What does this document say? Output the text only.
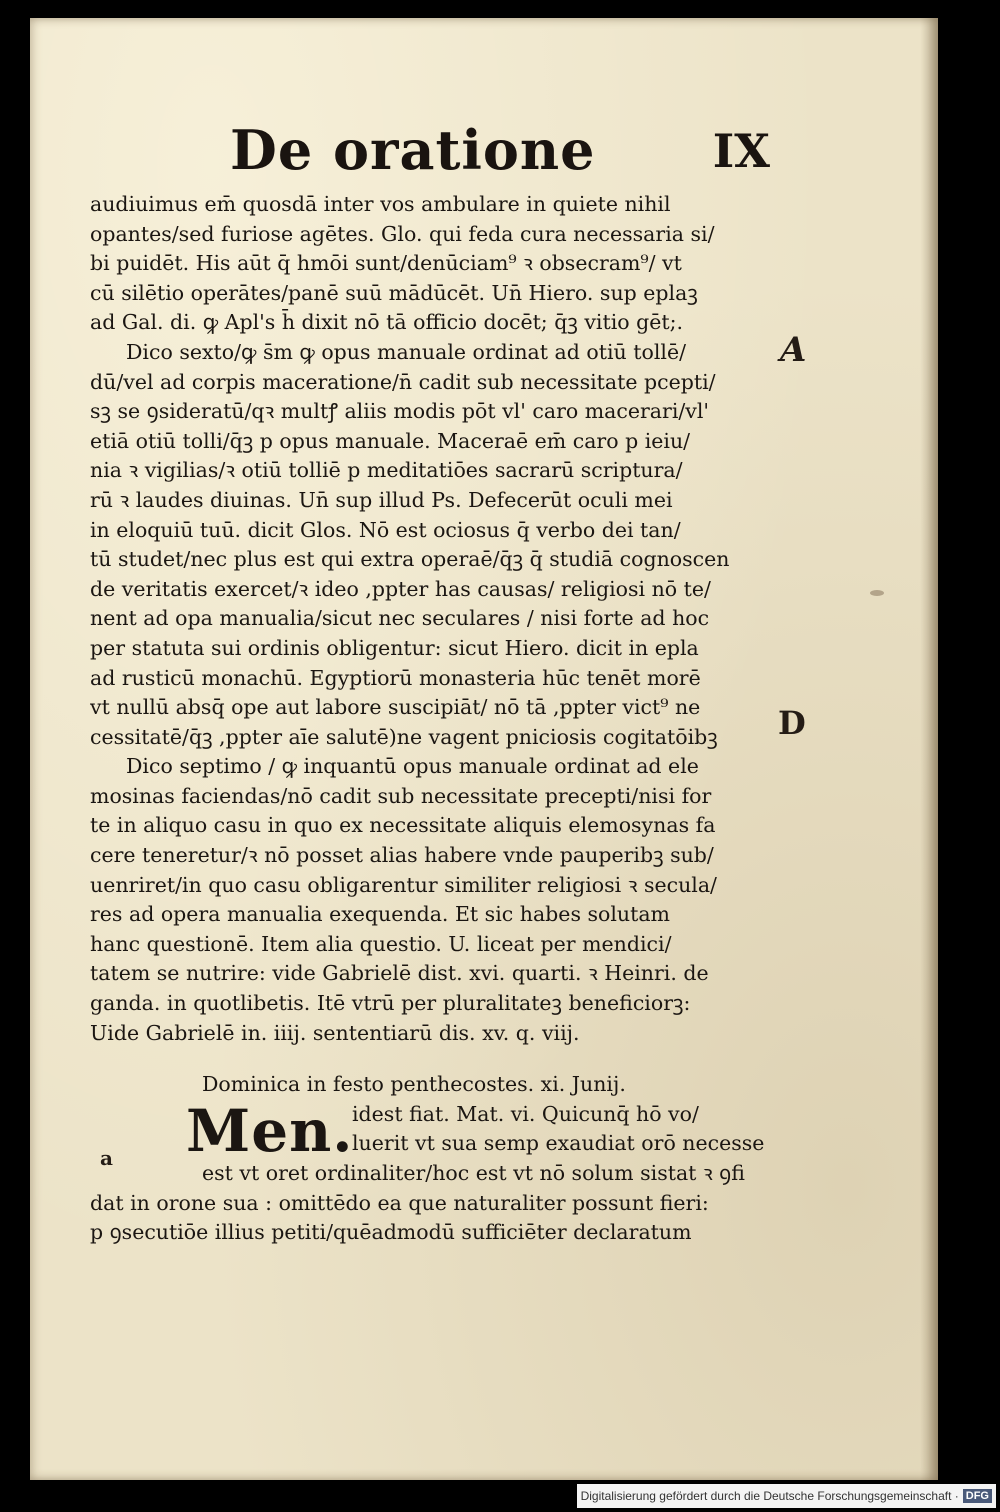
De oratione	IX
audiuimus em̄ quosdā inter vos ambulare in quiete nihil
opantes/sed furiose agētes. Glo. qui feda cura necessaria si/
bi puidēt. His aūt q̄ hmōi sunt/denūciam⁹ ꝛ obsecram⁹/ vt
cū silētio operātes/panē suū mādūcēt. Un̄ Hiero. sup eplaꝫ
ad Gal. di. ꝙ Apl's h̄ dixit nō tā officio docēt; q̄ꝫ vitio gēt;.
Dico sexto/ꝙ s̄m ꝙ opus manuale ordinat ad otiū tollē/
dū/vel ad corpis maceratione/n̄ cadit sub necessitate pcepti/
sꝫ se ꝯsideratū/qꝛ multꝭ aliis modis pōt vl' caro macerari/vl'
etiā otiū tolli/q̄ꝫ p opus manuale. Maceraē em̄ caro p ieiu/
nia ꝛ vigilias/ꝛ otiū tolliē p meditatiōes sacrarū scriptura/
rū ꝛ laudes diuinas. Un̄ sup illud Ps. Defecerūt oculi mei
in eloquiū tuū. dicit Glos. Nō est ociosus q̄ verbo dei tan/
tū studet/nec plus est qui extra operaē/q̄ꝫ q̄ studiā cognoscen
de veritatis exercet/ꝛ ideo ,ppter has causas/ religiosi nō te/
nent ad opa manualia/sicut nec seculares / nisi forte ad hoc
per statuta sui ordinis obligentur: sicut Hiero. dicit in epla
ad rusticū monachū. Egyptiorū monasteria hūc tenēt morē
vt nullū absq̄ ope aut labore suscipiāt/ nō tā ,ppter vict⁹ ne
cessitatē/q̄ꝫ ,ppter aīe salutē)ne vagent pniciosis cogitatōibꝫ
Dico septimo / ꝙ inquantū opus manuale ordinat ad ele
mosinas faciendas/nō cadit sub necessitate precepti/nisi for
te in aliquo casu in quo ex necessitate aliquis elemosynas fa
cere teneretur/ꝛ nō posset alias habere vnde pauperibꝫ sub/
uenriret/in quo casu obligarentur similiter religiosi ꝛ secula/
res ad opera manualia exequenda. Et sic habes solutam
hanc questionē. Item alia questio. U. liceat per mendici/
tatem se nutrire: vide Gabrielē dist. xvi. quarti. ꝛ Heinri. de
ganda. in quotlibetis. Itē vtrū per pluralitateꝫ beneficiorꝫ:
Uide Gabrielē in. iiij. sententiarū dis. xv. q. viij.
Dominica in festo penthecostes. xi. Junij.
Men.
idest fiat. Mat. vi. Quicunq̄ hō vo/
luerit vt sua semp exaudiat orō necesse
est vt oret ordinaliter/hoc est vt nō solum sistat ꝛ ꝯfi
dat in orone sua : omittēdo ea que naturaliter possunt fieri:
p ꝯsecutiōe illius petiti/quēadmodū sufficiēter declaratum
A
D
a
Digitalisierung gefördert durch die Deutsche Forschungsgemeinschaft · DFG
